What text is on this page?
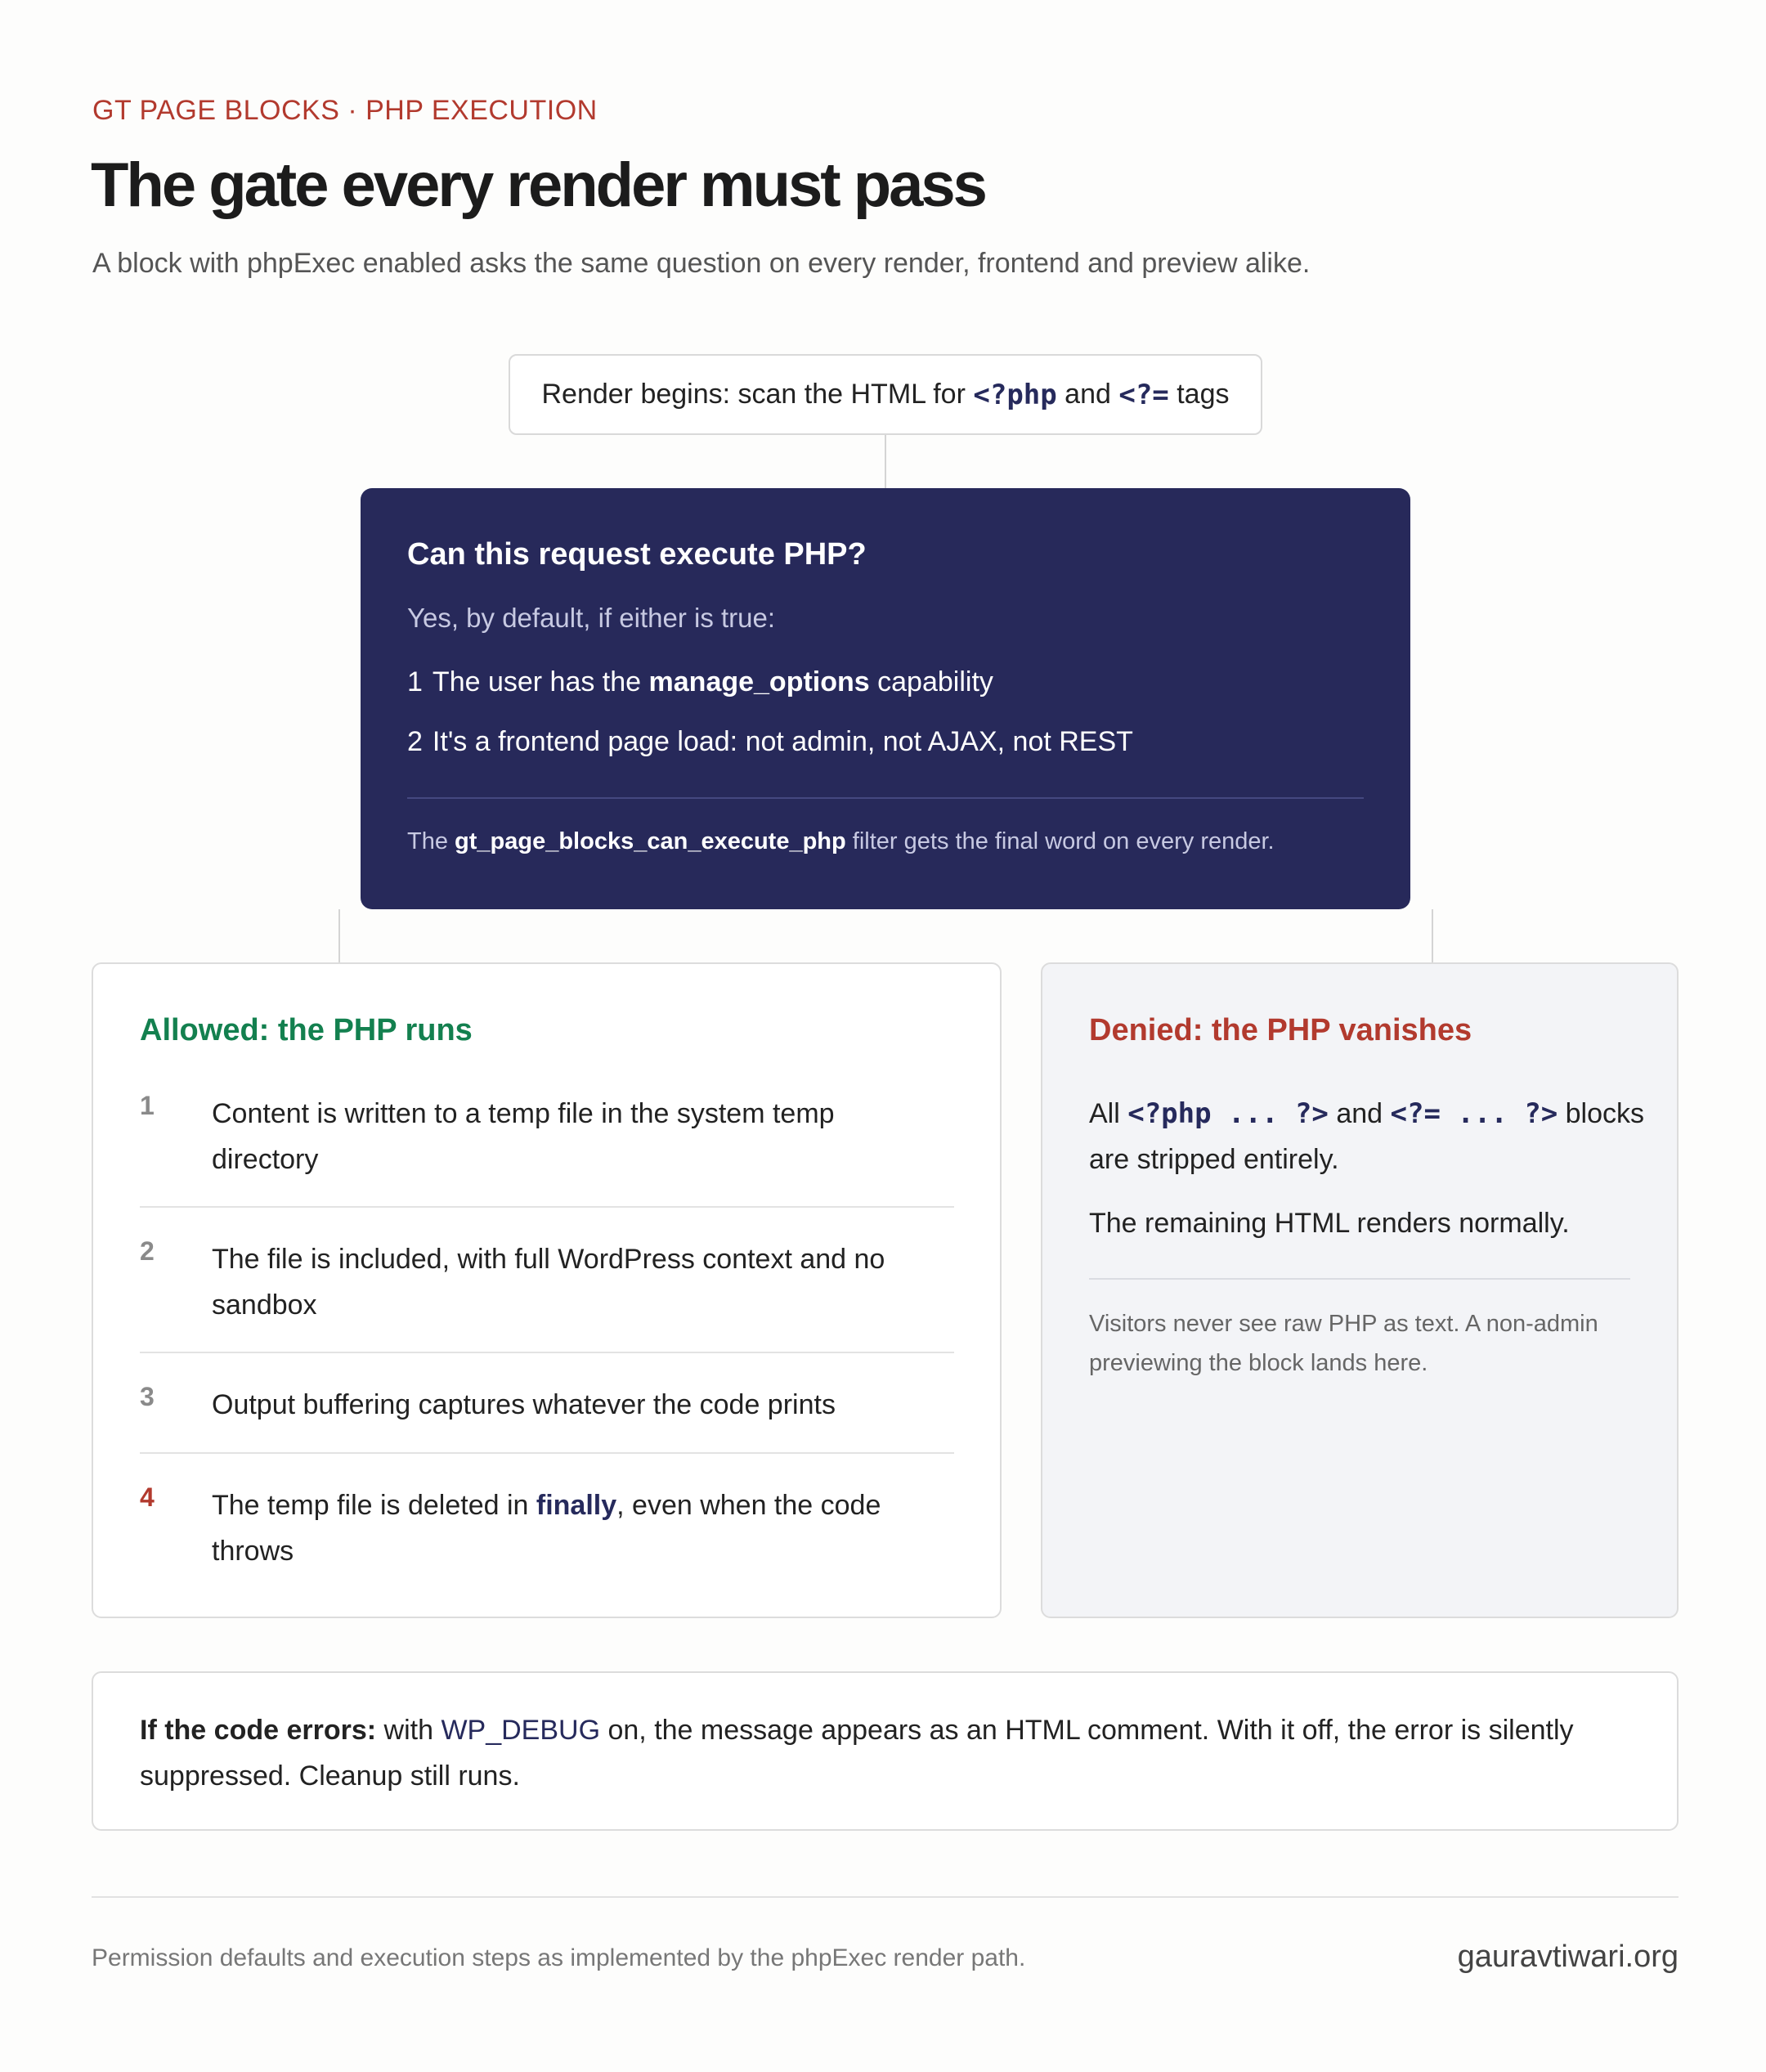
GT PAGE BLOCKS · PHP EXECUTION
The gate every render must pass
A block with phpExec enabled asks the same question on every render, frontend and preview alike.
Render begins: scan the HTML for <?php and <?= tags
Can this request execute PHP?
Yes, by default, if either is true:
1 The user has the manage_options capability
2 It's a frontend page load: not admin, not AJAX, not REST
The gt_page_blocks_can_execute_php filter gets the final word on every render.
Allowed: the PHP runs
1 Content is written to a temp file in the system temp directory
2 The file is included, with full WordPress context and no sandbox
3 Output buffering captures whatever the code prints
4 The temp file is deleted in finally, even when the code throws
Denied: the PHP vanishes
All <?php ... ?> and <?= ... ?> blocks are stripped entirely.
The remaining HTML renders normally.
Visitors never see raw PHP as text. A non-admin previewing the block lands here.
If the code errors: with WP_DEBUG on, the message appears as an HTML comment. With it off, the error is silently suppressed. Cleanup still runs.
Permission defaults and execution steps as implemented by the phpExec render path.	gauravtiwari.org
